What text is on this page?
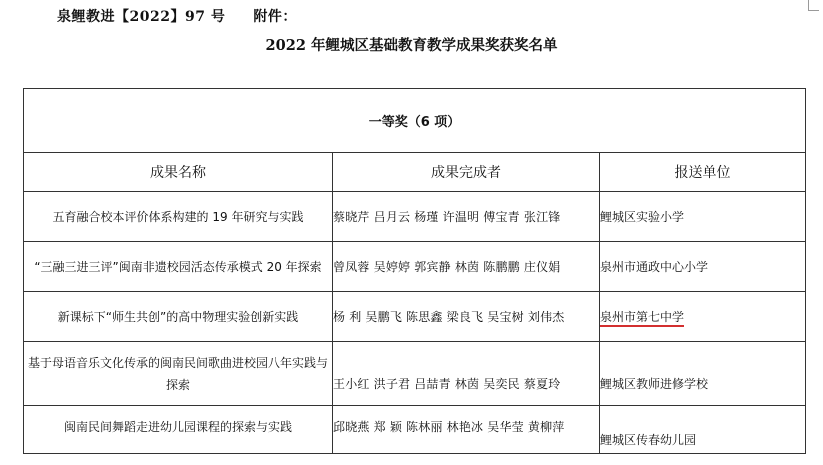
泉鲤教进【2022】97 号 附件：
2022 年鲤城区基础教育教学成果奖获奖名单
一等奖（6 项）		
成果名称	成果完成者	报送单位
五育融合校本评价体系构建的 19 年研究与实践	蔡晓芹 吕月云 杨瑾 许温明 傅宝青 张江锋	鲤城区实验小学
“三融三进三评”闽南非遗校园活态传承模式 20 年探索	曾凤蓉 吴婷婷 郭宾静 林茵 陈鹏鹏 庄仪娟	泉州市通政中心小学
新课标下“师生共创”的高中物理实验创新实践	杨 利 吴鹏飞 陈思鑫 梁良飞 吴宝树 刘伟杰	泉州市第七中学
基于母语音乐文化传承的闽南民间歌曲进校园八年实践与探索	王小红 洪子君 吕喆青 林茵 吴奕民 蔡夏玲	鲤城区教师进修学校
闽南民间舞蹈走进幼儿园课程的探索与实践	邱晓燕 郑 颖 陈林丽 林艳冰 吴华莹 黄柳萍	鲤城区传春幼儿园
